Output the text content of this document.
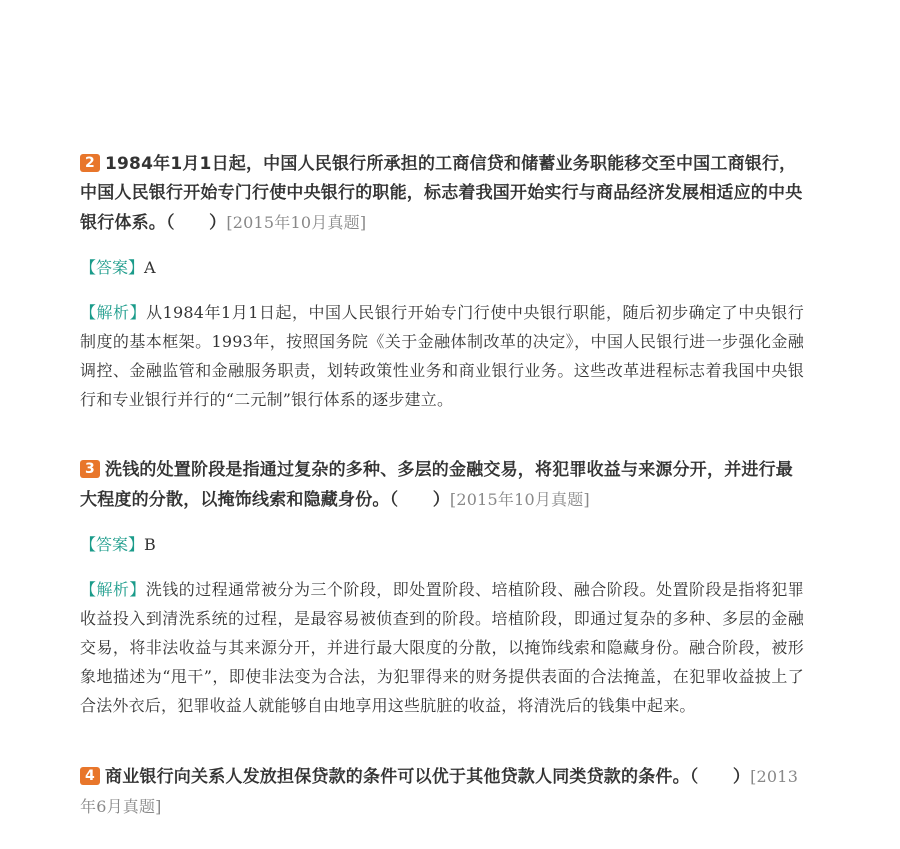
2 1984年1月1日起，中国人民银行所承担的工商信贷和储蓄业务职能移交至中国工商银行，中国人民银行开始专门行使中央银行的职能，标志着我国开始实行与商品经济发展相适应的中央银行体系。（　　）[2015年10月真题]

【答案】A

【解析】从1984年1月1日起，中国人民银行开始专门行使中央银行职能，随后初步确定了中央银行制度的基本框架。1993年，按照国务院《关于金融体制改革的决定》，中国人民银行进一步强化金融调控、金融监管和金融服务职责，划转政策性业务和商业银行业务。这些改革进程标志着我国中央银行和专业银行并行的“二元制”银行体系的逐步建立。

3 洗钱的处置阶段是指通过复杂的多种、多层的金融交易，将犯罪收益与来源分开，并进行最大程度的分散，以掩饰线索和隐藏身份。（　　）[2015年10月真题]

【答案】B

【解析】洗钱的过程通常被分为三个阶段，即处置阶段、培植阶段、融合阶段。处置阶段是指将犯罪收益投入到清洗系统的过程，是最容易被侦查到的阶段。培植阶段，即通过复杂的多种、多层的金融交易，将非法收益与其来源分开，并进行最大限度的分散，以掩饰线索和隐藏身份。融合阶段，被形象地描述为“甩干”，即使非法变为合法，为犯罪得来的财务提供表面的合法掩盖，在犯罪收益披上了合法外衣后，犯罪收益人就能够自由地享用这些肮脏的收益，将清洗后的钱集中起来。

4 商业银行向关系人发放担保贷款的条件可以优于其他贷款人同类贷款的条件。（　　）[2013年6月真题]
